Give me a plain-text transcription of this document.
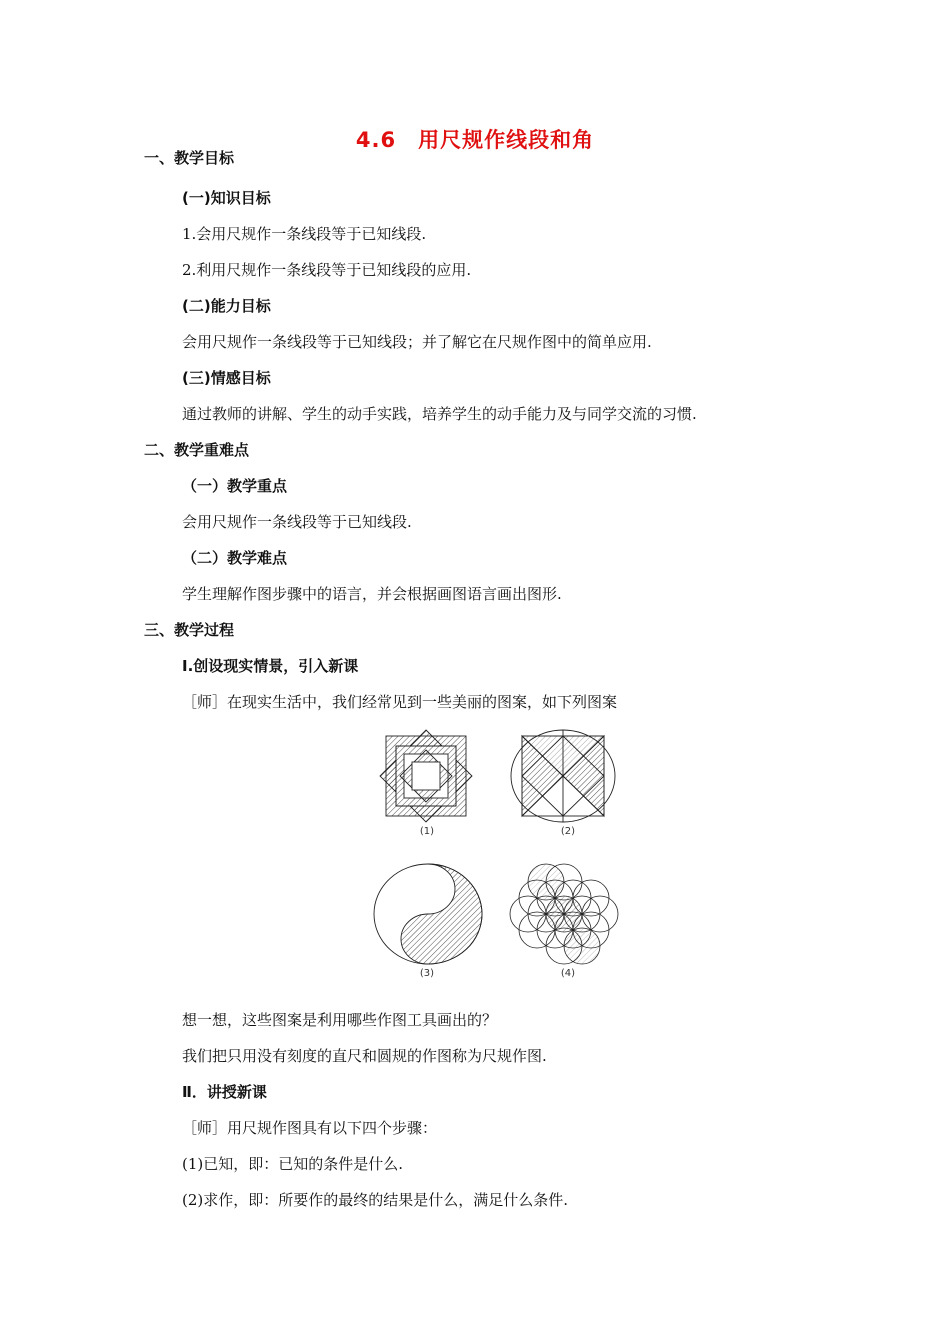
4.6　用尺规作线段和角
一、教学目标
(一)知识目标
1.会用尺规作一条线段等于已知线段.
2.利用尺规作一条线段等于已知线段的应用.
(二)能力目标
会用尺规作一条线段等于已知线段；并了解它在尺规作图中的简单应用.
(三)情感目标
通过教师的讲解、学生的动手实践，培养学生的动手能力及与同学交流的习惯.
二、教学重难点
（一）教学重点
会用尺规作一条线段等于已知线段.
（二）教学难点
学生理解作图步骤中的语言，并会根据画图语言画出图形.
三、教学过程
Ⅰ.创设现实情景，引入新课
［师］在现实生活中，我们经常见到一些美丽的图案，如下列图案
(1)	(2)
(3)	(4)
想一想，这些图案是利用哪些作图工具画出的？
我们把只用没有刻度的直尺和圆规的作图称为尺规作图.
Ⅱ．讲授新课
［师］用尺规作图具有以下四个步骤：
(1)已知，即：已知的条件是什么.
(2)求作，即：所要作的最终的结果是什么，满足什么条件.
